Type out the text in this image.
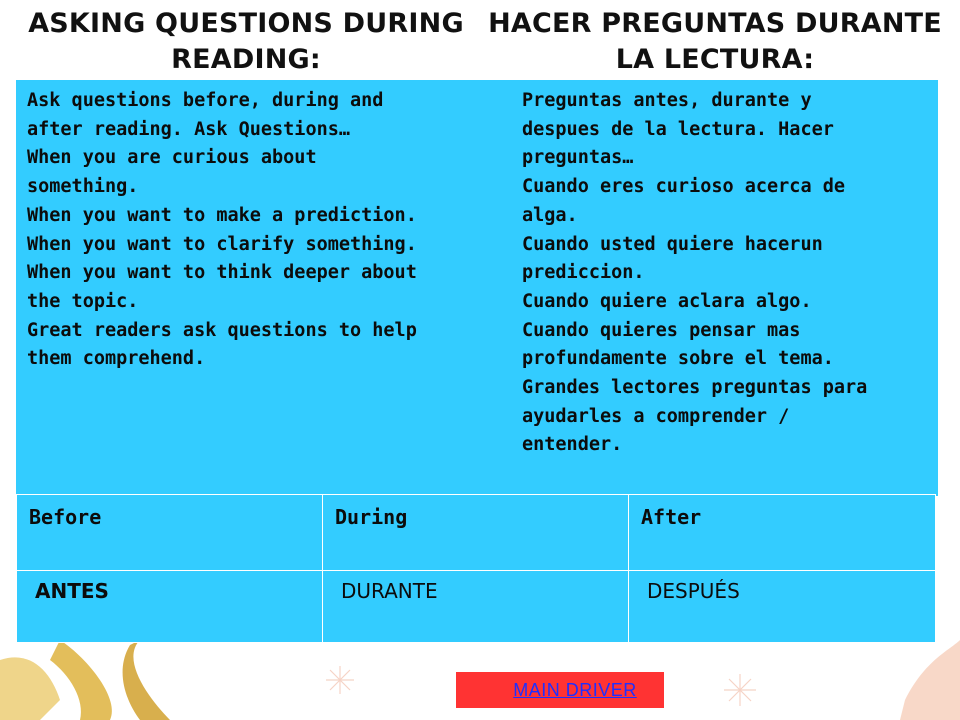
ASKING QUESTIONS DURING READING:
HACER PREGUNTAS DURANTE LA LECTURA:
Ask questions before, during and
after reading. Ask Questions…
When you are curious about
something.
When you want to make a prediction.
When you want to clarify something.
When you want to think deeper about
the topic.
Great readers ask questions to help
them comprehend.
Preguntas antes, durante y
despues de la lectura. Hacer
preguntas…
Cuando eres curioso acerca de
alga.
Cuando usted quiere hacerun
prediccion.
Cuando quiere aclara algo.
Cuando quieres pensar mas
profundamente sobre el tema.
Grandes lectores preguntas para
ayudarles a comprender /
entender.
Before	During	After
ANTES	DURANTE	DESPUÉS
MAIN DRIVER
